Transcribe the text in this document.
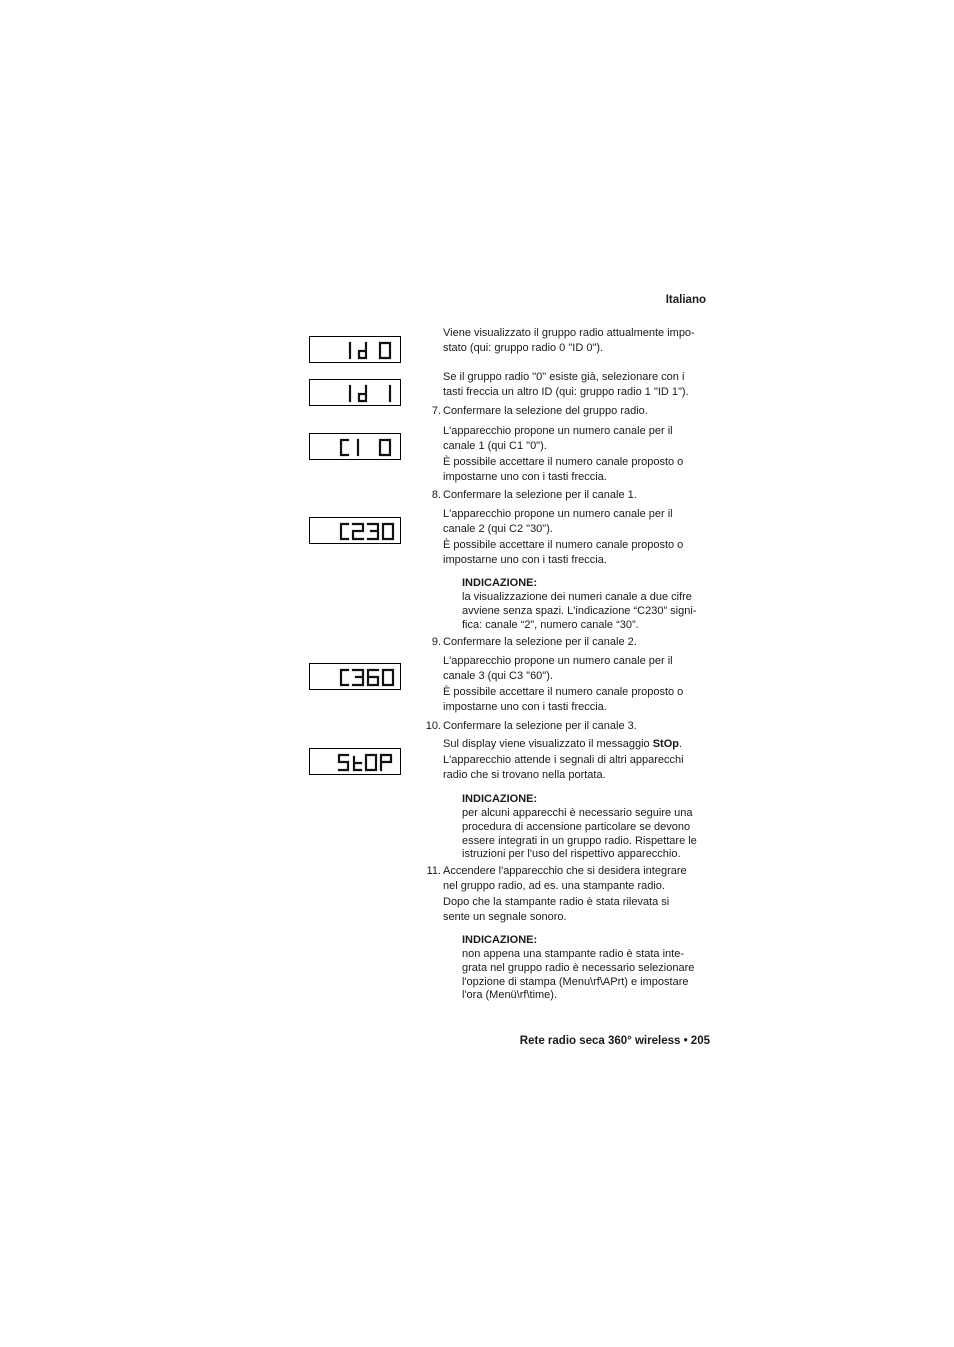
Italiano
Viene visualizzato il gruppo radio attualmente impo-
stato (qui: gruppo radio 0 "ID 0").
Se il gruppo radio "0" esiste già, selezionare con i
tasti freccia un altro ID (qui: gruppo radio 1 "ID 1").
7. Confermare la selezione del gruppo radio.
L'apparecchio propone un numero canale per il
canale 1 (qui C1 "0").
È possibile accettare il numero canale proposto o
impostarne uno con i tasti freccia.
8. Confermare la selezione per il canale 1.
L'apparecchio propone un numero canale per il
canale 2 (qui C2 "30").
È possibile accettare il numero canale proposto o
impostarne uno con i tasti freccia.
INDICAZIONE:
la visualizzazione dei numeri canale a due cifre
avviene senza spazi. L'indicazione “C230” signi-
fica: canale “2”, numero canale “30”.
9. Confermare la selezione per il canale 2.
L'apparecchio propone un numero canale per il
canale 3 (qui C3 "60").
È possibile accettare il numero canale proposto o
impostarne uno con i tasti freccia.
10. Confermare la selezione per il canale 3.
Sul display viene visualizzato il messaggio StOp.
L'apparecchio attende i segnali di altri apparecchi
radio che si trovano nella portata.
INDICAZIONE:
per alcuni apparecchi è necessario seguire una
procedura di accensione particolare se devono
essere integrati in un gruppo radio. Rispettare le
istruzioni per l'uso del rispettivo apparecchio.
11. Accendere l'apparecchio che si desidera integrare
nel gruppo radio, ad es. una stampante radio.
Dopo che la stampante radio è stata rilevata si
sente un segnale sonoro.
INDICAZIONE:
non appena una stampante radio è stata inte-
grata nel gruppo radio è necessario selezionare
l'opzione di stampa (Menu\rf\APrt) e impostare
l'ora (Menü\rf\time).
Rete radio seca 360° wireless • 205
